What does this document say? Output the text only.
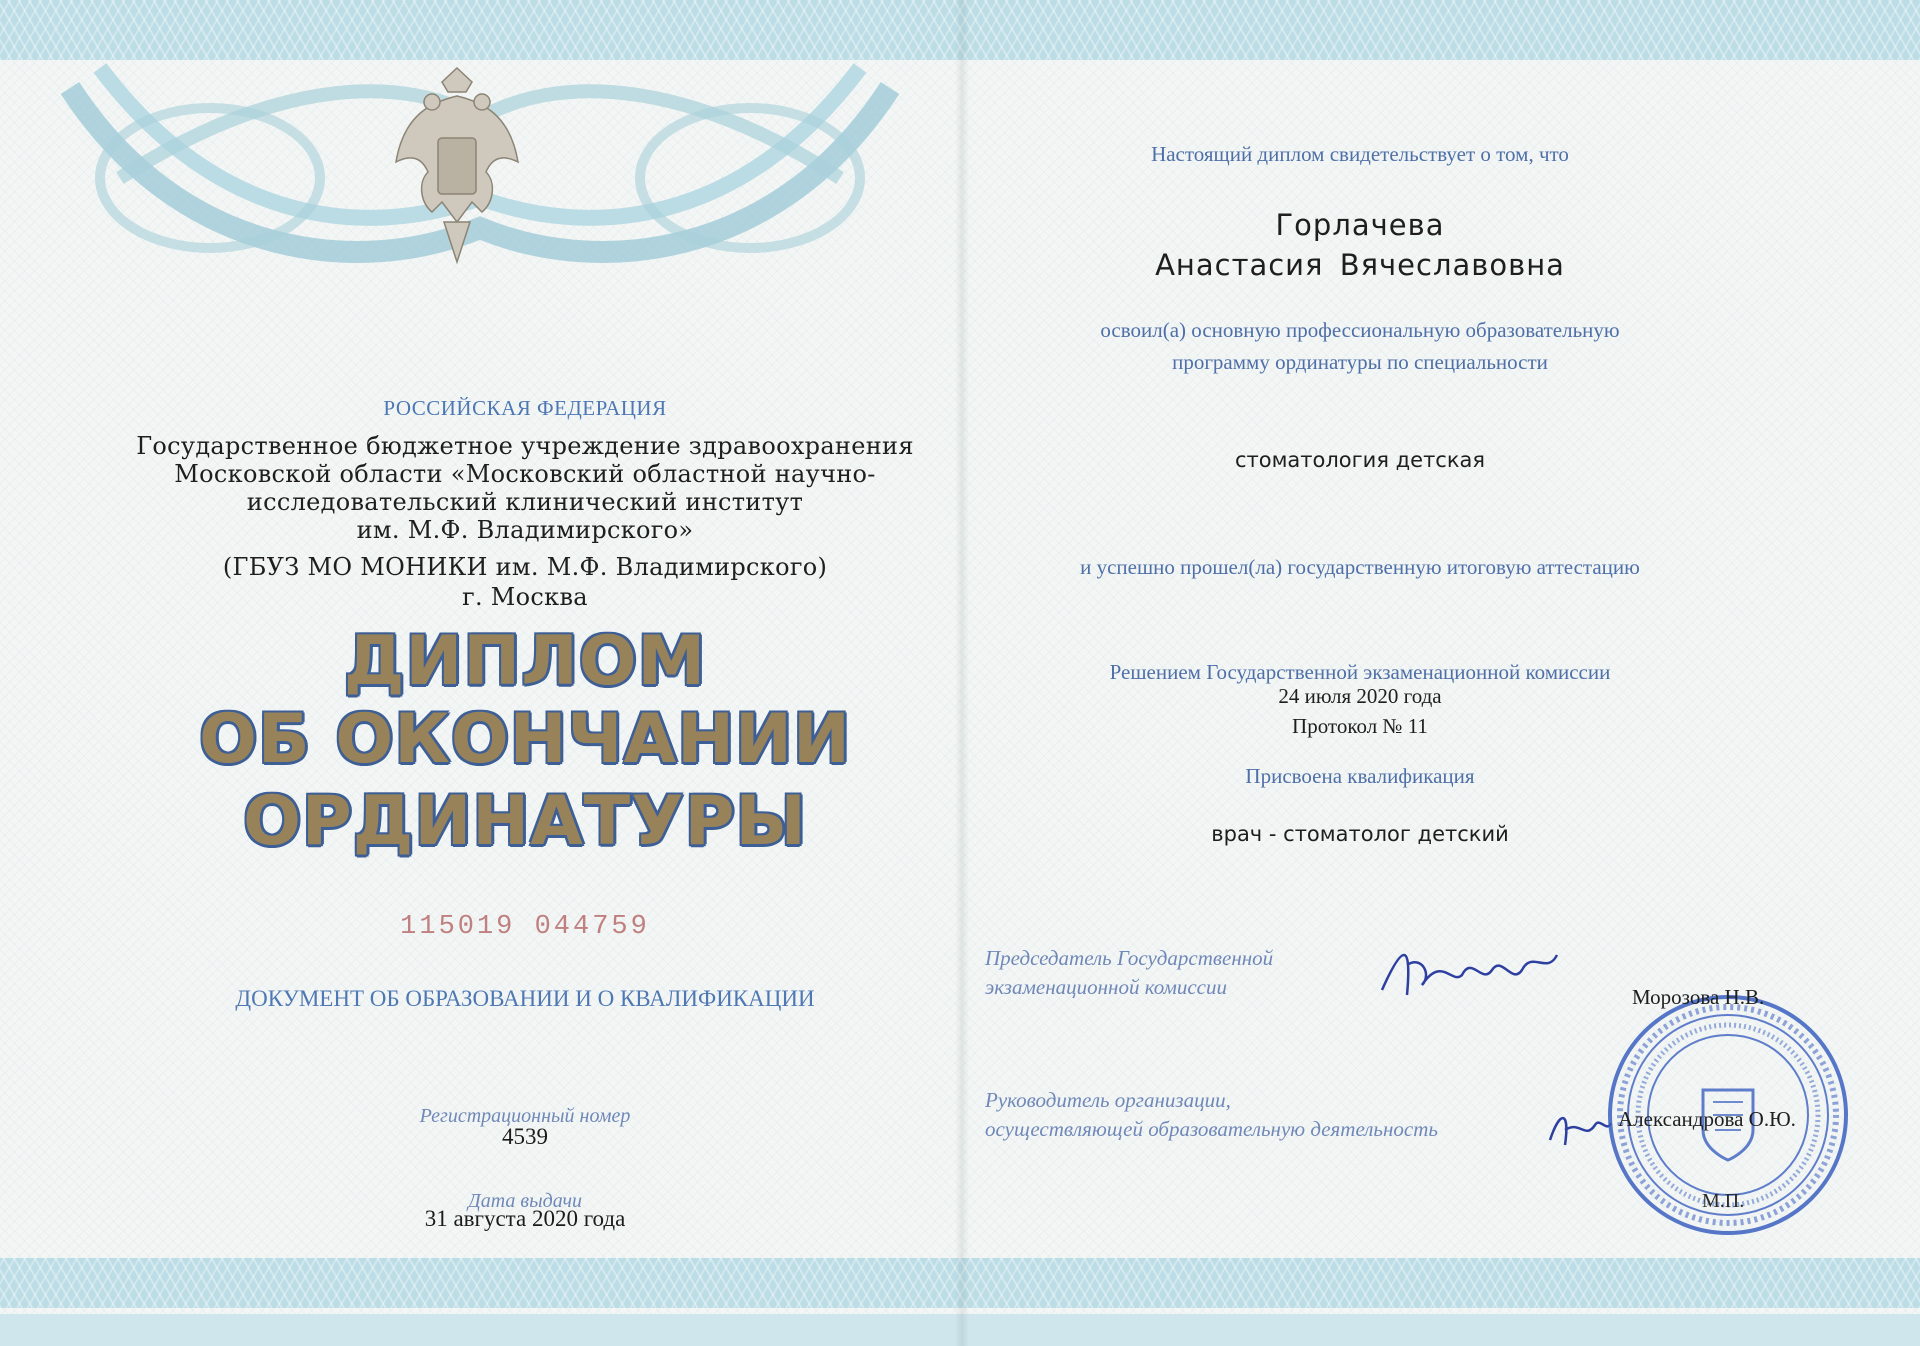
РОССИЙСКАЯ ФЕДЕРАЦИЯ
Государственное бюджетное учреждение здравоохранения
Московской области «Московский областной научно-
исследовательский клинический институт
им. М.Ф. Владимирского»
(ГБУЗ МО МОНИКИ им. М.Ф. Владимирского)
г. Москва
ДИПЛОМ
ОБ ОКОНЧАНИИ
ОРДИНАТУРЫ
115019 044759
ДОКУМЕНТ ОБ ОБРАЗОВАНИИ И О КВАЛИФИКАЦИИ
Регистрационный номер
4539
Дата выдачи
31 августа 2020 года
Настоящий диплом свидетельствует о том, что
Горлачева
Анастасия Вячеславовна
освоил(а) основную профессиональную образовательную
программу ординатуры по специальности
стоматология детская
и успешно прошел(ла) государственную итоговую аттестацию
Решением Государственной экзаменационной комиссии
24 июля 2020 года
Протокол № 11
Присвоена квалификация
врач - стоматолог детский
Председатель Государственной
экзаменационной комиссии
Руководитель организации,
осуществляющей образовательную деятельность
Морозова Н.В.
Александрова О.Ю.
М.П.
